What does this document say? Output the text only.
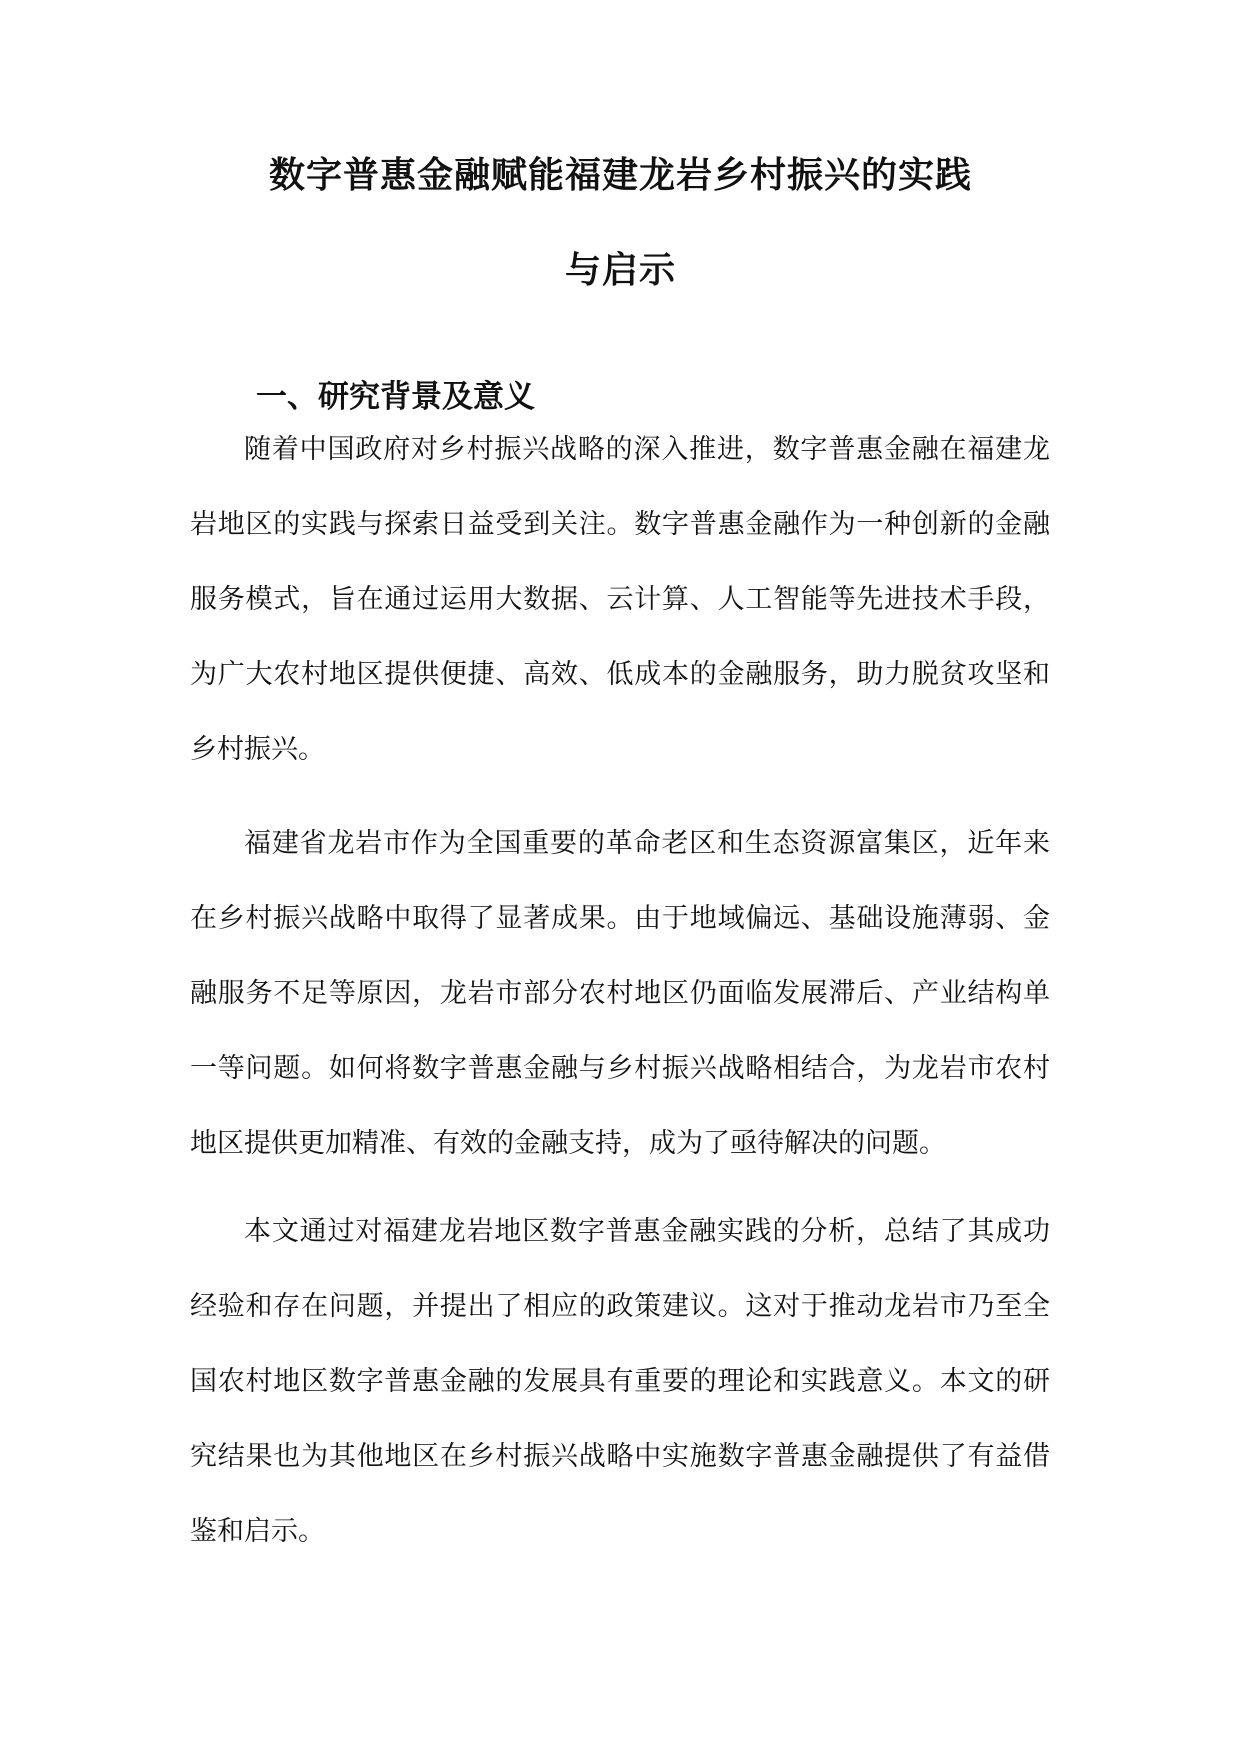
数字普惠金融赋能福建龙岩乡村振兴的实践
与启示
一、研究背景及意义

随着中国政府对乡村振兴战略的深入推进，数字普惠金融在福建龙岩地区的实践与探索日益受到关注。数字普惠金融作为一种创新的金融服务模式，旨在通过运用大数据、云计算、人工智能等先进技术手段，为广大农村地区提供便捷、高效、低成本的金融服务，助力脱贫攻坚和乡村振兴。

福建省龙岩市作为全国重要的革命老区和生态资源富集区，近年来在乡村振兴战略中取得了显著成果。由于地域偏远、基础设施薄弱、金融服务不足等原因，龙岩市部分农村地区仍面临发展滞后、产业结构单一等问题。如何将数字普惠金融与乡村振兴战略相结合，为龙岩市农村地区提供更加精准、有效的金融支持，成为了亟待解决的问题。

本文通过对福建龙岩地区数字普惠金融实践的分析，总结了其成功经验和存在问题，并提出了相应的政策建议。这对于推动龙岩市乃至全国农村地区数字普惠金融的发展具有重要的理论和实践意义。本文的研究结果也为其他地区在乡村振兴战略中实施数字普惠金融提供了有益借鉴和启示。
